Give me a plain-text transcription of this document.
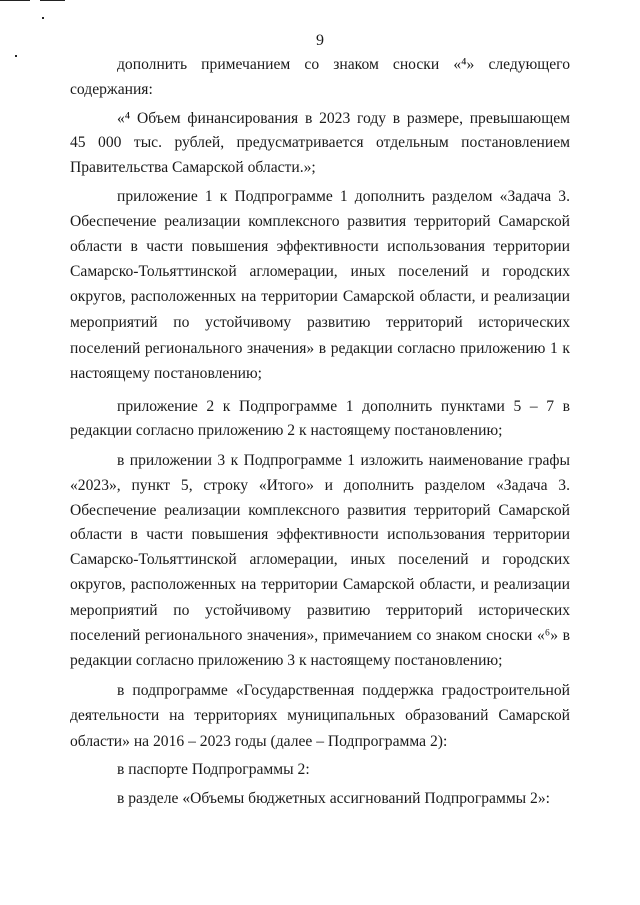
9
дополнить примечанием со знаком сноски «⁴» следующего
содержания:
«⁴ Объем финансирования в 2023 году в размере, превышающем
45 000 тыс. рублей, предусматривается отдельным постановлением
Правительства Самарской области.»;
приложение 1 к Подпрограмме 1 дополнить разделом «Задача 3.
Обеспечение реализации комплексного развития территорий Самарской
области в части повышения эффективности использования территории
Самарско-Тольяттинской агломерации, иных поселений и городских
округов, расположенных на территории Самарской области, и реализации
мероприятий по устойчивому развитию территорий исторических
поселений регионального значения» в редакции согласно приложению 1 к
настоящему постановлению;
приложение 2 к Подпрограмме 1 дополнить пунктами 5 – 7 в
редакции согласно приложению 2 к настоящему постановлению;
в приложении 3 к Подпрограмме 1 изложить наименование графы
«2023», пункт 5, строку «Итого» и дополнить разделом «Задача 3.
Обеспечение реализации комплексного развития территорий Самарской
области в части повышения эффективности использования территории
Самарско-Тольяттинской агломерации, иных поселений и городских
округов, расположенных на территории Самарской области, и реализации
мероприятий по устойчивому развитию территорий исторических
поселений регионального значения», примечанием со знаком сноски «⁶» в
редакции согласно приложению 3 к настоящему постановлению;
в подпрограмме «Государственная поддержка градостроительной
деятельности на территориях муниципальных образований Самарской
области» на 2016 – 2023 годы (далее – Подпрограмма 2):
в паспорте Подпрограммы 2:
в разделе «Объемы бюджетных ассигнований Подпрограммы 2»:
